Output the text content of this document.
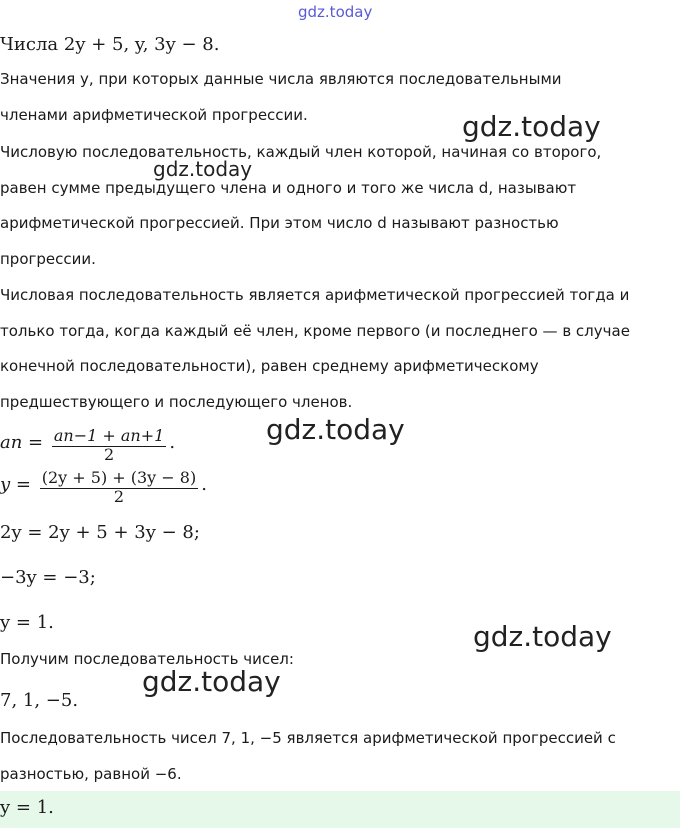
gdz.today
Числа 2y + 5, y, 3y − 8.
Значения y, при которых данные числа являются последовательными
членами арифметической прогрессии.
Числовую последовательность, каждый член которой, начиная со второго,
равен сумме предыдущего члена и одного и того же числа d, называют
арифметической прогрессией. При этом число d называют разностью
прогрессии.
Числовая последовательность является арифметической прогрессией тогда и
только тогда, когда каждый её член, кроме первого (и последнего — в случае
конечной последовательности), равен среднему арифметическому
предшествующего и последующего членов.
an = $\frac{an-1 + an+1}{2}$ .
$y = \frac{(2y + 5) + (3y - 8)}{2}$ .
2y = 2y + 5 + 3y − 8;
−3y = −3;
y = 1.
Получим последовательность чисел:
7, 1, −5.
Последовательность чисел 7, 1, −5 является арифметической прогрессией с
разностью, равной −6.
y = 1.
gdz.today
gdz.today
gdz.today
gdz.today
gdz.today
